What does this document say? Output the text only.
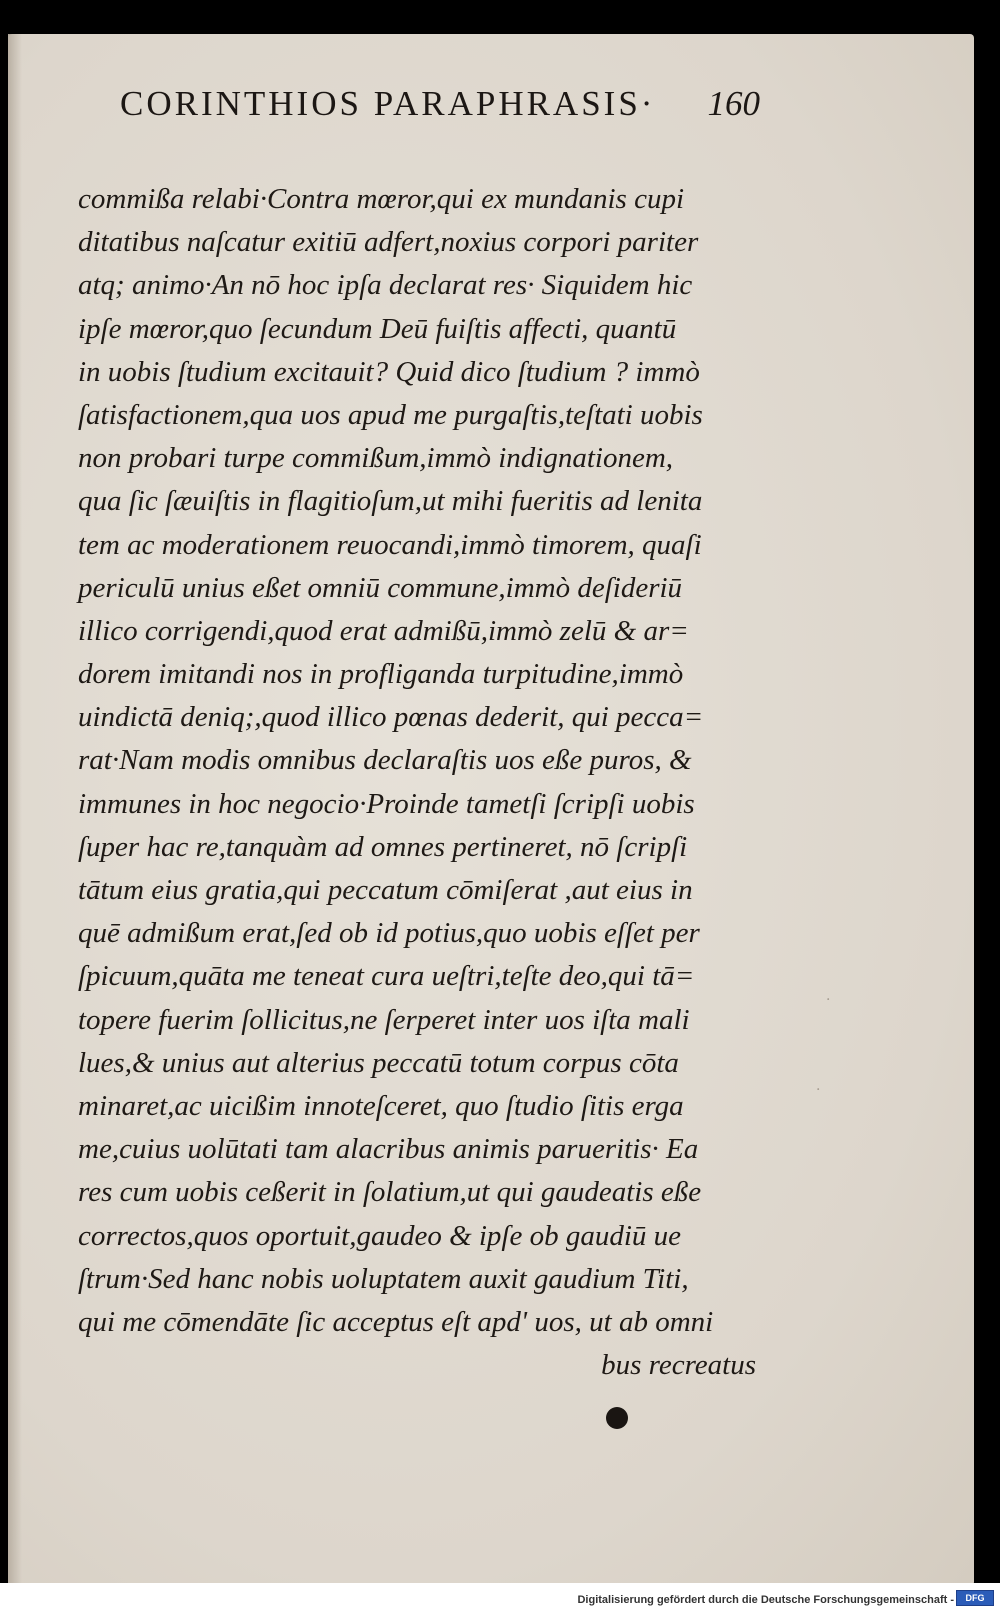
CORINTHIOS PARAPHRASIS· 160
commißa relabi·Contra mœror,qui ex mundanis cupi
ditatibus naſcatur exitiū adfert,noxius corpori pariter
atq; animo·An nō hoc ipſa declarat res· Siquidem hic
ipſe mœror,quo ſecundum Deū fuiſtis affecti, quantū
in uobis ſtudium excitauit? Quid dico ſtudium ? immò
ſatisfactionem,qua uos apud me purgaſtis,teſtati uobis
non probari turpe commißum,immò indignationem,
qua ſic ſæuiſtis in flagitioſum,ut mihi fueritis ad lenita
tem ac moderationem reuocandi,immò timorem, quaſi
periculū unius eßet omniū commune,immò deſideriū
illico corrigendi,quod erat admißū,immò zelū & ar=
dorem imitandi nos in profliganda turpitudine,immò
uindictā deniq;,quod illico pœnas dederit, qui pecca=
rat·Nam modis omnibus declaraſtis uos eße puros, &
immunes in hoc negocio·Proinde tametſi ſcripſi uobis
ſuper hac re,tanquàm ad omnes pertineret, nō ſcripſi
tātum eius gratia,qui peccatum cōmiſerat ,aut eius in
quē admißum erat,ſed ob id potius,quo uobis eſſet per
ſpicuum,quāta me teneat cura ueſtri,teſte deo,qui tā=
topere fuerim ſollicitus,ne ſerperet inter uos iſta mali
lues,& unius aut alterius peccatū totum corpus cōta
minaret,ac uicißim innoteſceret, quo ſtudio ſitis erga
me,cuius uolūtati tam alacribus animis parueritis· Ea
res cum uobis ceßerit in ſolatium,ut qui gaudeatis eße
correctos,quos oportuit,gaudeo & ipſe ob gaudiū ue
ſtrum·Sed hanc nobis uoluptatem auxit gaudium Titi,
qui me cōmendāte ſic acceptus eſt apd' uos, ut ab omni
bus recreatus
·
·
Digitalisierung gefördert durch die Deutsche Forschungsgemeinschaft -	DFG
